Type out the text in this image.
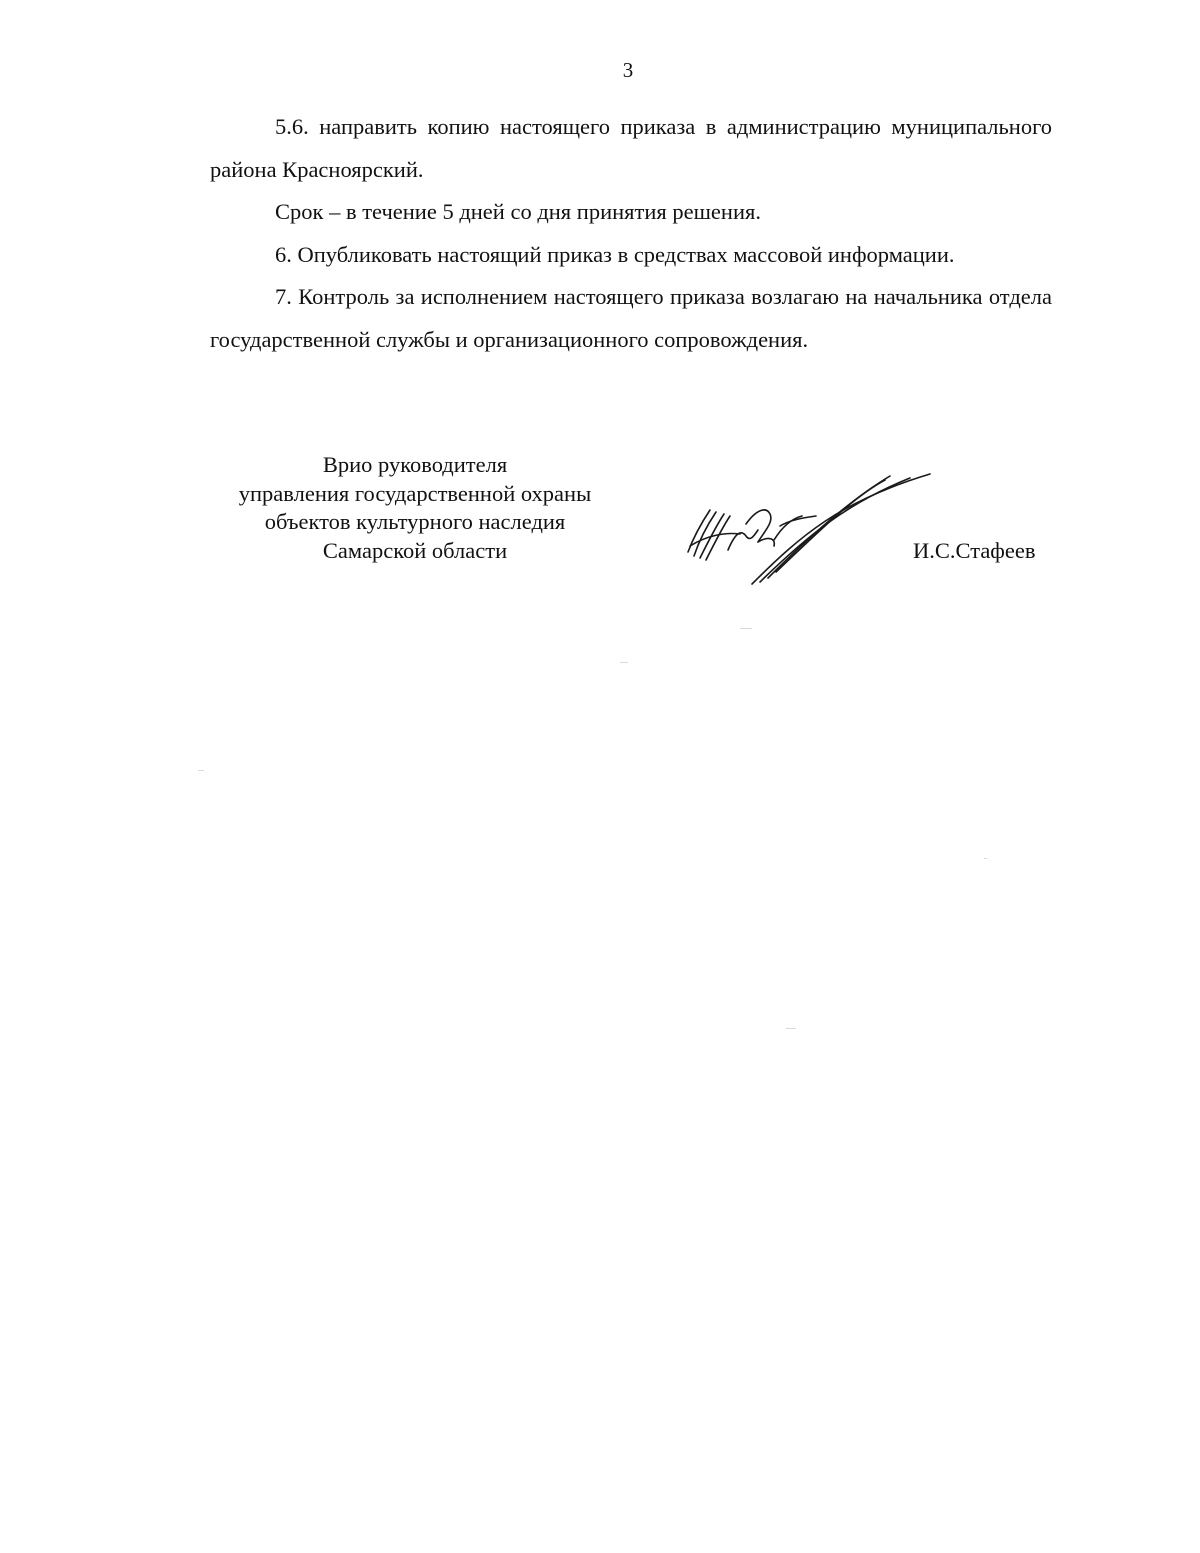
3

5.6. направить копию настоящего приказа в администрацию муниципального района Красноярский.

Срок – в течение 5 дней со дня принятия решения.

6. Опубликовать настоящий приказ в средствах массовой информации.

7. Контроль за исполнением настоящего приказа возлагаю на начальника отдела государственной службы и организационного сопровождения.

Врио руководителя
управления государственной охраны
объектов культурного наследия
Самарской области	И.С.Стафеев
